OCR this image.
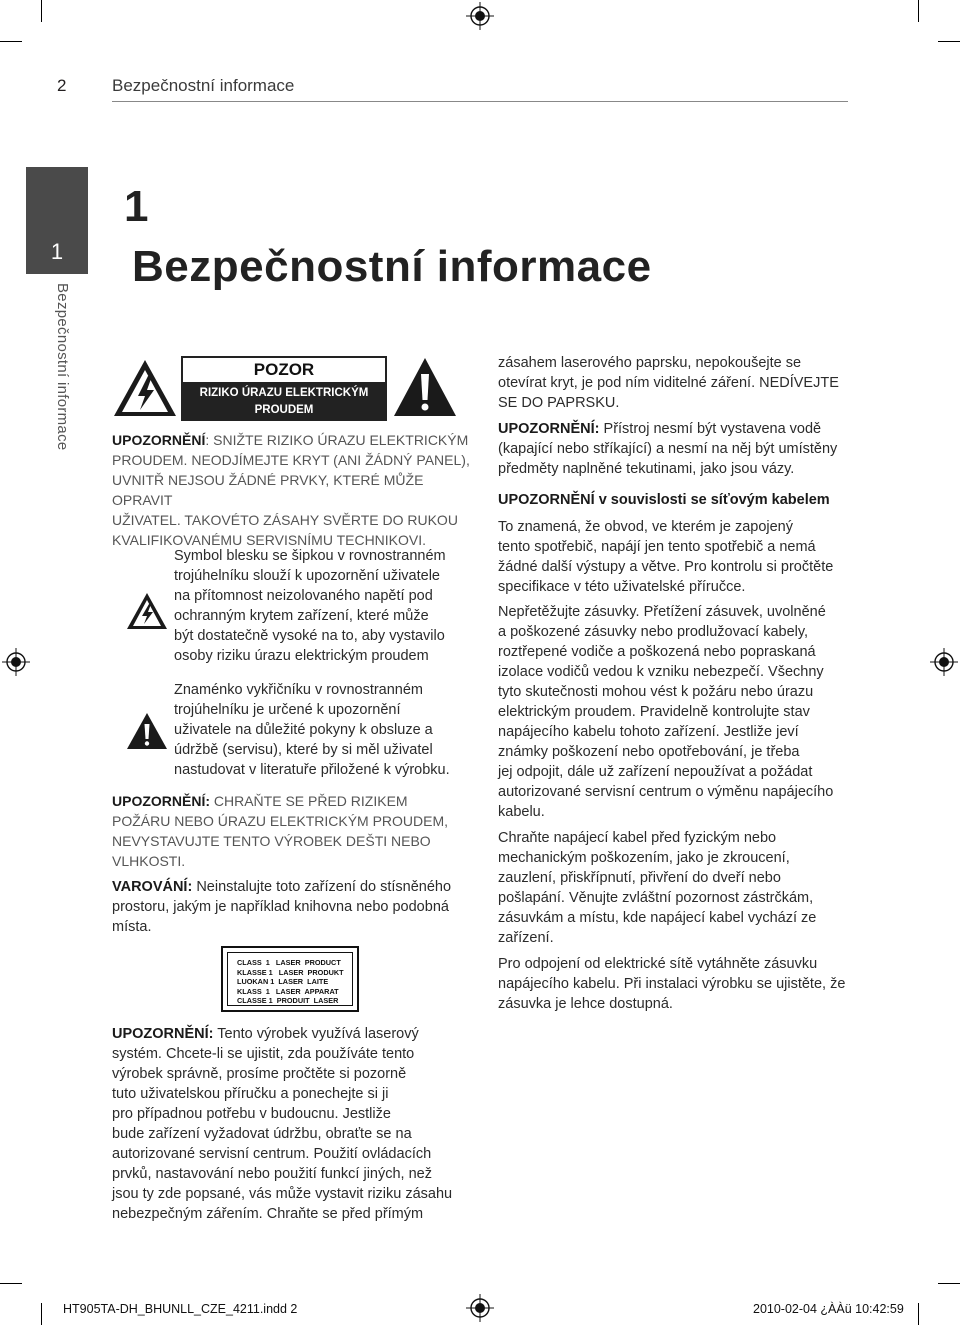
2	Bezpečnostní informace
1
Bezpečnostní informace
1
Bezpečnostní informace
POZOR
RIZIKO ÚRAZU ELEKTRICKÝM
PROUDEM
UPOZORNĚNÍ: SNIŽTE RIZIKO ÚRAZU ELEKTRICKÝM
PROUDEM. NEODJÍMEJTE KRYT (ANI ŽÁDNÝ PANEL),
UVNITŘ NEJSOU ŽÁDNÉ PRVKY, KTERÉ MŮŽE OPRAVIT
UŽIVATEL. TAKOVÉTO ZÁSAHY SVĚRTE DO RUKOU
KVALIFIKOVANÉMU SERVISNÍMU TECHNIKOVI.
Symbol blesku se šipkou v rovnostranném
trojúhelníku slouží k upozornění uživatele
na přítomnost neizolovaného napětí pod
ochranným krytem zařízení, které může
být dostatečně vysoké na to, aby vystavilo
osoby riziku úrazu elektrickým proudem
Znaménko vykřičníku v rovnostranném
trojúhelníku je určené k upozornění
uživatele na důležité pokyny k obsluze a
údržbě (servisu), které by si měl uživatel
nastudovat v literatuře přiložené k výrobku.
UPOZORNĚNÍ: CHRAŇTE SE PŘED RIZIKEM
POŽÁRU NEBO ÚRAZU ELEKTRICKÝM PROUDEM,
NEVYSTAVUJTE TENTO VÝROBEK DEŠTI NEBO
VLHKOSTI.
VAROVÁNÍ: Neinstalujte toto zařízení do stísněného
prostoru, jakým je například knihovna nebo podobná
místa.
CLASS  1   LASER  PRODUCT
KLASSE 1   LASER  PRODUKT
LUOKAN 1  LASER  LAITE
KLASS  1   LASER  APPARAT
CLASSE 1  PRODUIT  LASER
UPOZORNĚNÍ: Tento výrobek využívá laserový
systém. Chcete-li se ujistit, zda používáte tento
výrobek správně, prosíme pročtěte si pozorně
tuto uživatelskou příručku a ponechejte si ji
pro případnou potřebu v budoucnu. Jestliže
bude zařízení vyžadovat údržbu, obraťte se na
autorizované servisní centrum. Použití ovládacích
prvků, nastavování nebo použití funkcí jiných, než
jsou ty zde popsané, vás může vystavit riziku zásahu
nebezpečným zářením. Chraňte se před přímým
zásahem laserového paprsku, nepokoušejte se
otevírat kryt, je pod ním viditelné záření. NEDÍVEJTE
SE DO PAPRSKU.
UPOZORNĚNÍ: Přístroj nesmí být vystavena vodě
(kapající nebo stříkající) a nesmí na něj být umístěny
předměty naplněné tekutinami, jako jsou vázy.
UPOZORNĚNÍ v souvislosti se síťovým kabelem
To znamená, že obvod, ve kterém je zapojený
tento spotřebič, napájí jen tento spotřebič a nemá
žádné další výstupy a větve. Pro kontrolu si pročtěte
specifikace v této uživatelské příručce.
Nepřetěžujte zásuvky. Přetížení zásuvek, uvolněné
a poškozené zásuvky nebo prodlužovací kabely,
roztřepené vodiče a poškozená nebo popraskaná
izolace vodičů vedou k vzniku nebezpečí. Všechny
tyto skutečnosti mohou vést k požáru nebo úrazu
elektrickým proudem. Pravidelně kontrolujte stav
napájecího kabelu tohoto zařízení. Jestliže jeví
známky poškození nebo opotřebování, je třeba
jej odpojit, dále už zařízení nepoužívat a požádat
autorizované servisní centrum o výměnu napájecího
kabelu.
Chraňte napájecí kabel před fyzickým nebo
mechanickým poškozením, jako je zkroucení,
zauzlení, přiskřípnutí, přivření do dveří nebo
pošlapání. Věnujte zvláštní pozornost zástrčkám,
zásuvkám a místu, kde napájecí kabel vychází ze
zařízení.
Pro odpojení od elektrické sítě vytáhněte zásuvku
napájecího kabelu. Při instalaci výrobku se ujistěte, že
zásuvka je lehce dostupná.
HT905TA-DH_BHUNLL_CZE_4211.indd 2	2010-02-04 ¿ÀÀü 10:42:59
